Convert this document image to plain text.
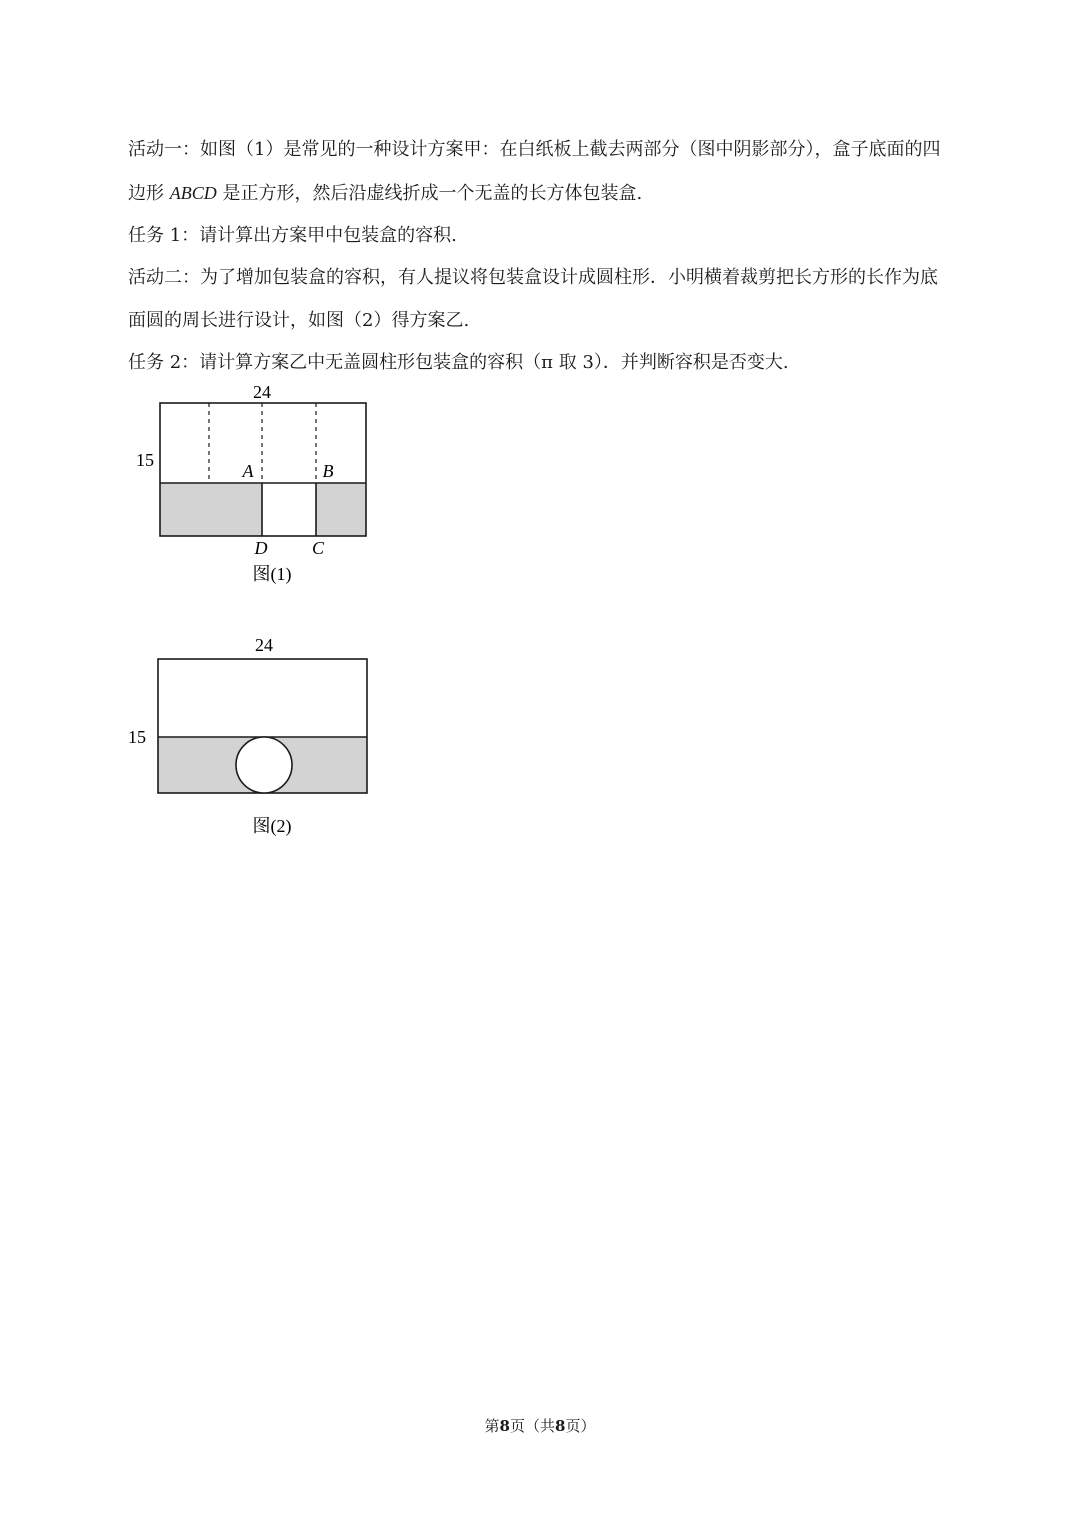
活动一：如图（1）是常见的一种设计方案甲：在白纸板上截去两部分（图中阴影部分），盒子底面的四
边形 ABCD 是正方形，然后沿虚线折成一个无盖的长方体包装盒.
任务 1：请计算出方案甲中包装盒的容积.
活动二：为了增加包装盒的容积，有人提议将包装盒设计成圆柱形．小明横着裁剪把长方形的长作为底
面圆的周长进行设计，如图（2）得方案乙.
任务 2：请计算方案乙中无盖圆柱形包装盒的容积（π 取 3）．并判断容积是否变大.
24
15
A	B
D C
图(1)
24
15
图(2)
第8页（共8页）
